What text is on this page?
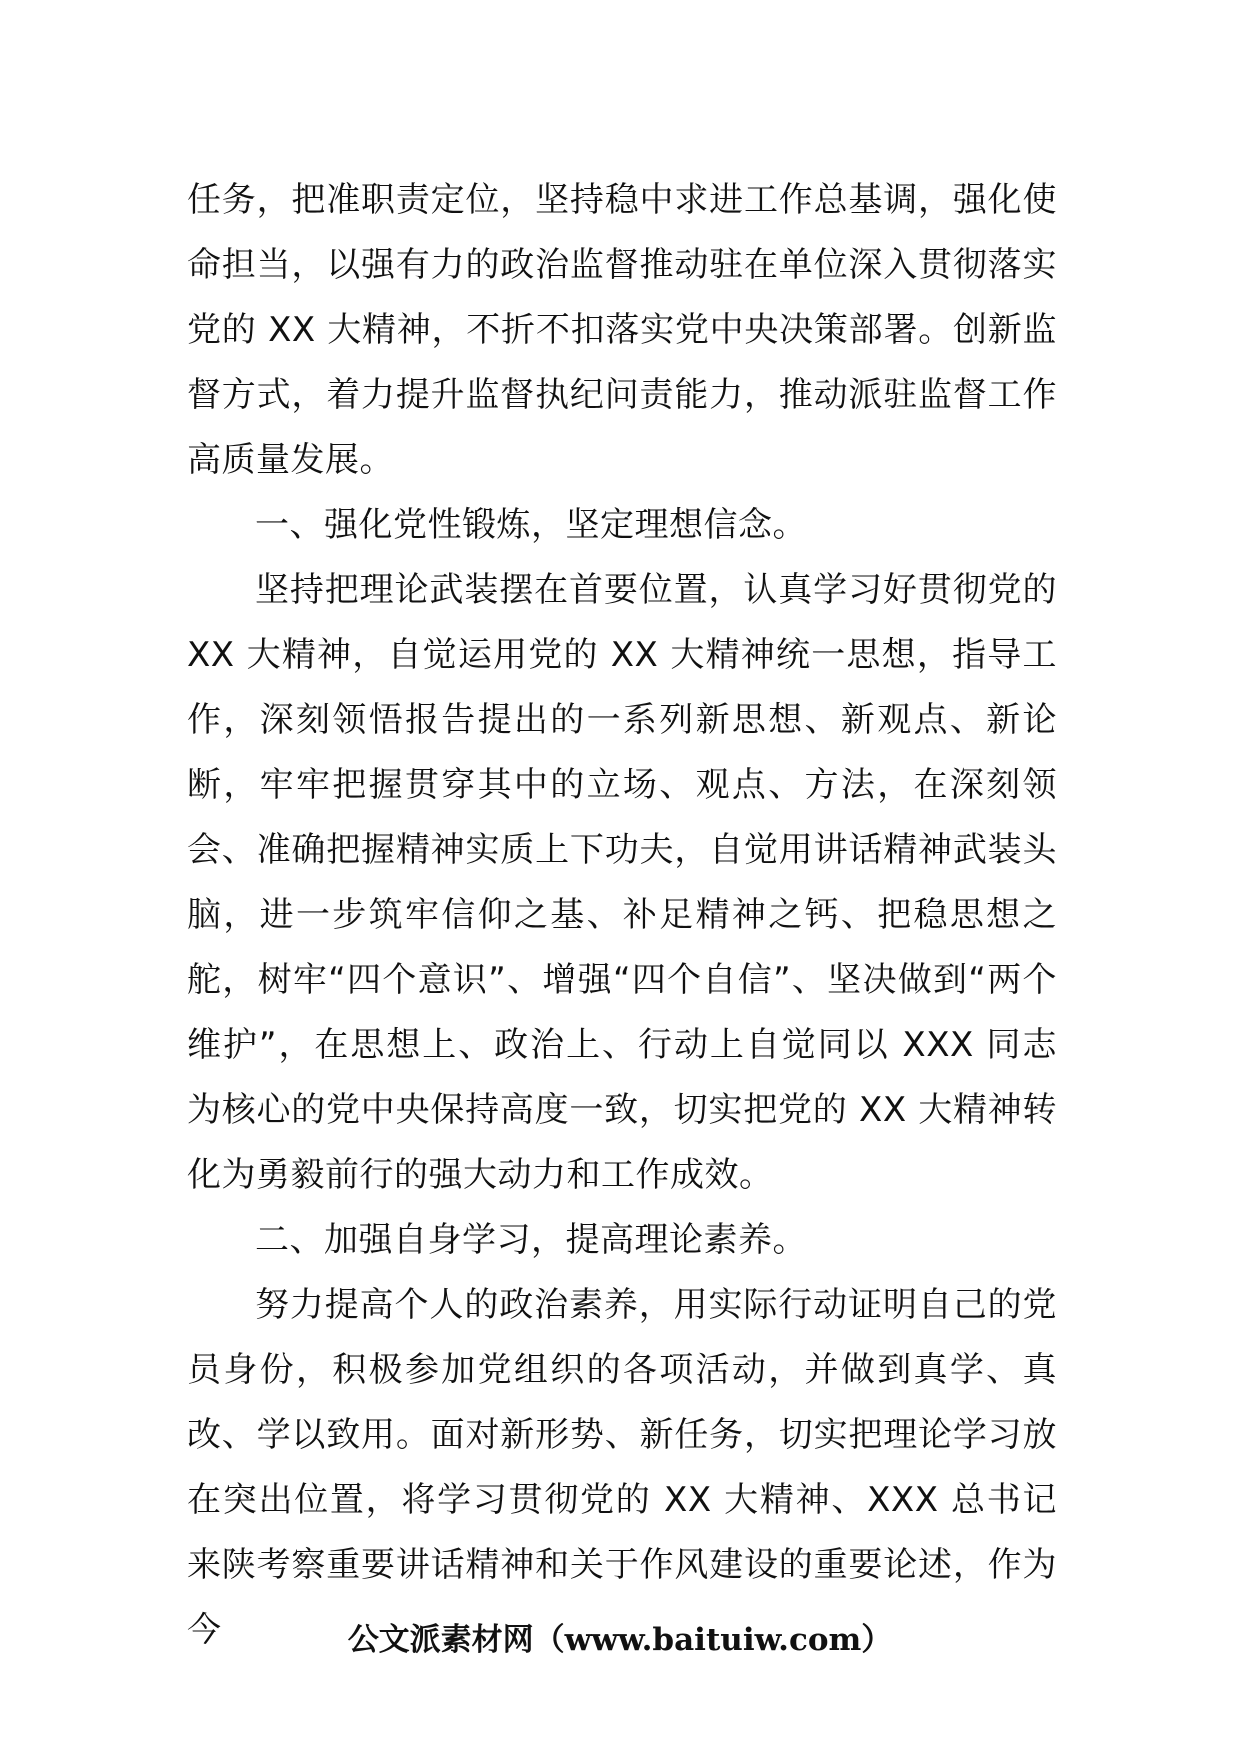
任务，把准职责定位，坚持稳中求进工作总基调，强化使命担当，以强有力的政治监督推动驻在单位深入贯彻落实党的 XX 大精神，不折不扣落实党中央决策部署。创新监督方式，着力提升监督执纪问责能力，推动派驻监督工作高质量发展。

一、强化党性锻炼，坚定理想信念。

坚持把理论武装摆在首要位置，认真学习好贯彻党的 XX 大精神，自觉运用党的 XX 大精神统一思想，指导工作，深刻领悟报告提出的一系列新思想、新观点、新论断，牢牢把握贯穿其中的立场、观点、方法，在深刻领会、准确把握精神实质上下功夫，自觉用讲话精神武装头脑，进一步筑牢信仰之基、补足精神之钙、把稳思想之舵，树牢“四个意识”、增强“四个自信”、坚决做到“两个维护”，在思想上、政治上、行动上自觉同以 XXX 同志为核心的党中央保持高度一致，切实把党的 XX 大精神转化为勇毅前行的强大动力和工作成效。

二、加强自身学习，提高理论素养。

努力提高个人的政治素养，用实际行动证明自己的党员身份，积极参加党组织的各项活动，并做到真学、真改、学以致用。面对新形势、新任务，切实把理论学习放在突出位置，将学习贯彻党的 XX 大精神、XXX 总书记来陕考察重要讲话精神和关于作风建设的重要论述，作为今	公文派素材网（www.baituiw.com）
